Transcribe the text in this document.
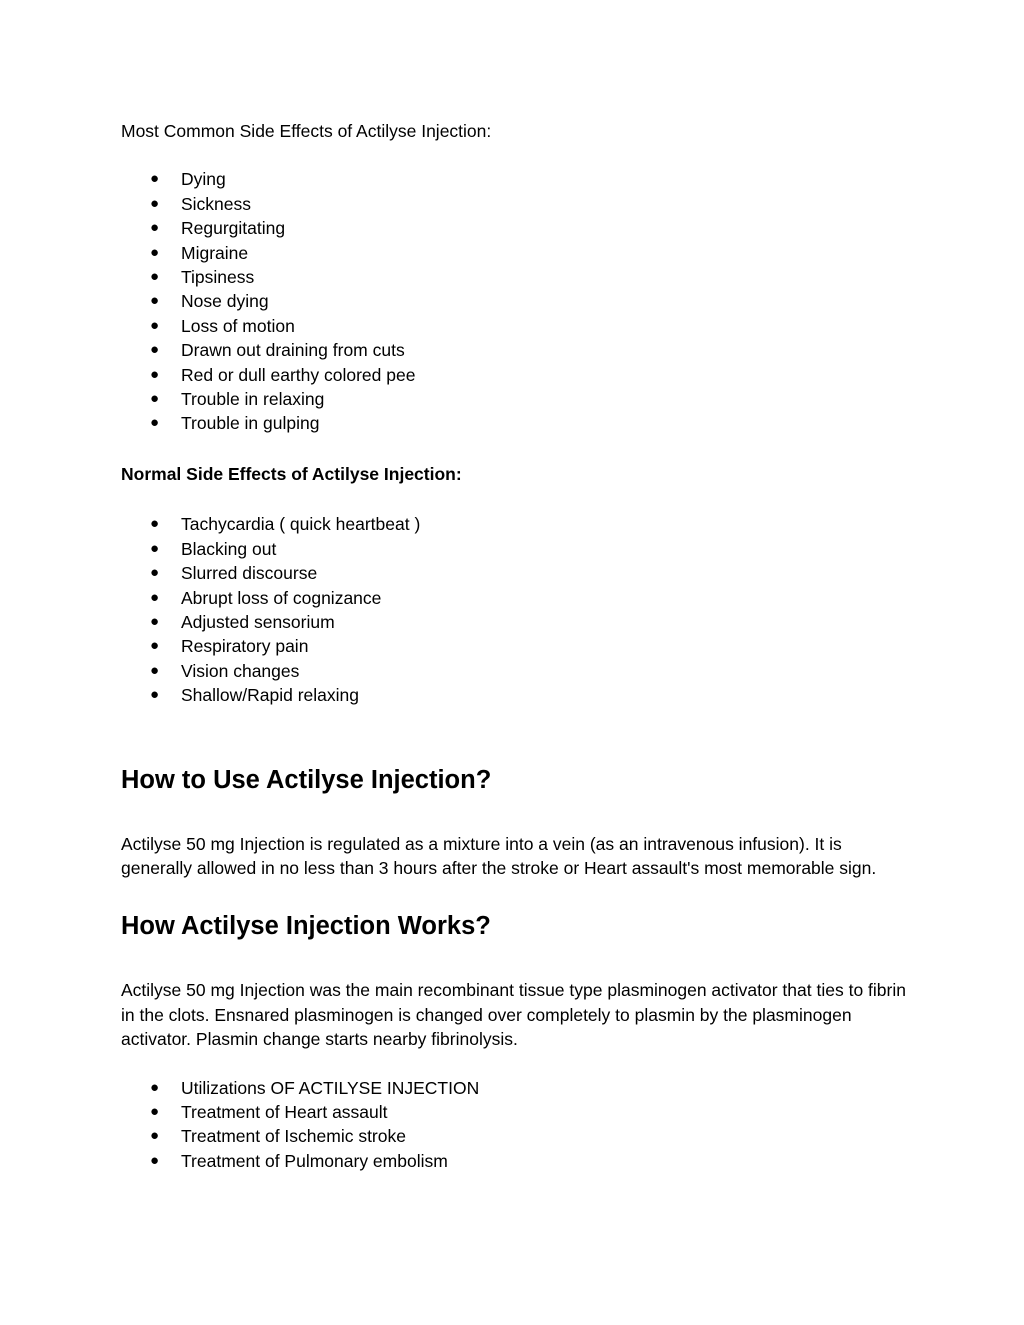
Most Common Side Effects of Actilyse Injection:

● Dying
● Sickness
● Regurgitating
● Migraine
● Tipsiness
● Nose dying
● Loss of motion
● Drawn out draining from cuts
● Red or dull earthy colored pee
● Trouble in relaxing
● Trouble in gulping

Normal Side Effects of Actilyse Injection:

● Tachycardia ( quick heartbeat )
● Blacking out
● Slurred discourse
● Abrupt loss of cognizance
● Adjusted sensorium
● Respiratory pain
● Vision changes
● Shallow/Rapid relaxing
How to Use Actilyse Injection?

Actilyse 50 mg Injection is regulated as a mixture into a vein (as an intravenous infusion). It is generally allowed in no less than 3 hours after the stroke or Heart assault's most memorable sign.

How Actilyse Injection Works?

Actilyse 50 mg Injection was the main recombinant tissue type plasminogen activator that ties to fibrin in the clots. Ensnared plasminogen is changed over completely to plasmin by the plasminogen activator. Plasmin change starts nearby fibrinolysis.

● Utilizations OF ACTILYSE INJECTION
● Treatment of Heart assault
● Treatment of Ischemic stroke
● Treatment of Pulmonary embolism
